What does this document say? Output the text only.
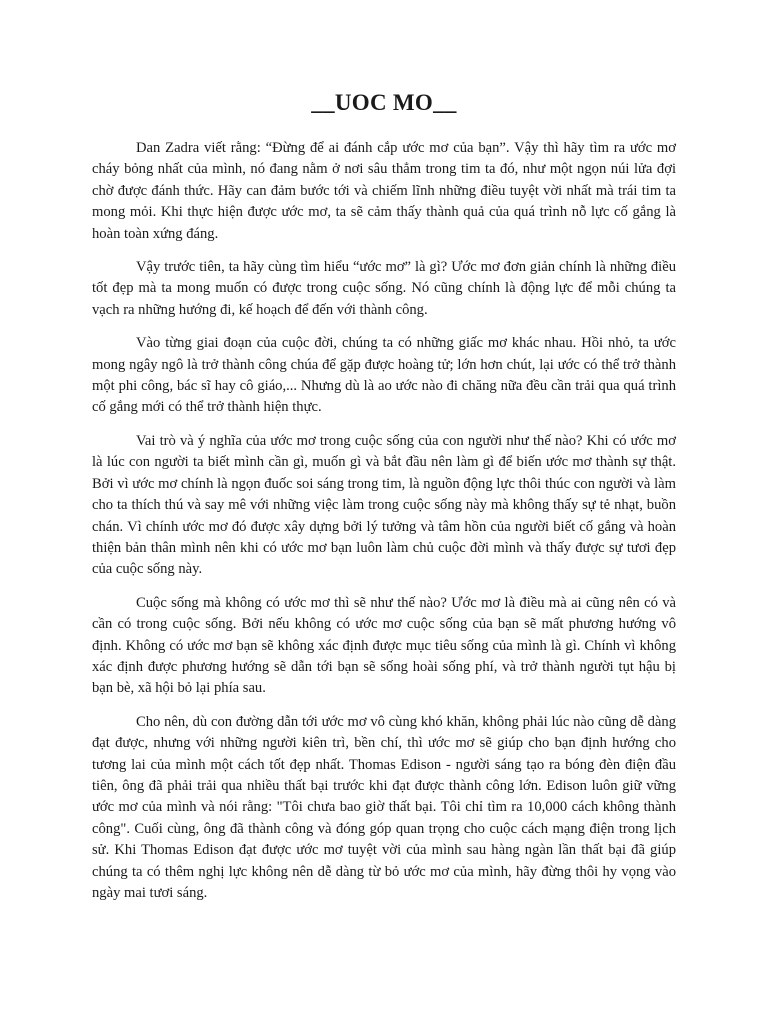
__UOC MO__

Dan Zadra viết rằng: “Đừng để ai đánh cắp ước mơ của bạn”. Vậy thì hãy tìm ra ước mơ cháy bỏng nhất của mình, nó đang nằm ở nơi sâu thẳm trong tim ta đó, như một ngọn núi lửa đợi chờ được đánh thức. Hãy can đảm bước tới và chiếm lĩnh những điều tuyệt vời nhất mà trái tim ta mong mỏi. Khi thực hiện được ước mơ, ta sẽ cảm thấy thành quả của quá trình nỗ lực cố gắng là hoàn toàn xứng đáng.

Vậy trước tiên, ta hãy cùng tìm hiểu “ước mơ” là gì? Ước mơ đơn giản chính là những điều tốt đẹp mà ta mong muốn có được trong cuộc sống. Nó cũng chính là động lực để mỗi chúng ta vạch ra những hướng đi, kế hoạch để đến với thành công.

Vào từng giai đoạn của cuộc đời, chúng ta có những giấc mơ khác nhau. Hồi nhỏ, ta ước mong ngây ngô là trở thành công chúa để gặp được hoàng tử; lớn hơn chút, lại ước có thể trở thành một phi công, bác sĩ hay cô giáo,... Nhưng dù là ao ước nào đi chăng nữa đều cần trải qua quá trình cố gắng mới có thể trở thành hiện thực.

Vai trò và ý nghĩa của ước mơ trong cuộc sống của con người như thế nào? Khi có ước mơ là lúc con người ta biết mình cần gì, muốn gì và bắt đầu nên làm gì để biến ước mơ thành sự thật. Bởi vì ước mơ chính là ngọn đuốc soi sáng trong tim, là nguồn động lực thôi thúc con người và làm cho ta thích thú và say mê với những việc làm trong cuộc sống này mà không thấy sự tẻ nhạt, buồn chán. Vì chính ước mơ đó được xây dựng bởi lý tưởng và tâm hồn của người biết cố gắng và hoàn thiện bản thân mình nên khi có ước mơ bạn luôn làm chủ cuộc đời mình và thấy được sự tươi đẹp của cuộc sống này.

Cuộc sống mà không có ước mơ thì sẽ như thế nào? Ước mơ là điều mà ai cũng nên có và cần có trong cuộc sống. Bởi nếu không có ước mơ cuộc sống của bạn sẽ mất phương hướng vô định. Không có ước mơ bạn sẽ không xác định được mục tiêu sống của mình là gì. Chính vì không xác định được phương hướng sẽ dẫn tới bạn sẽ sống hoài sống phí, và trở thành người tụt hậu bị bạn bè, xã hội bỏ lại phía sau.

Cho nên, dù con đường dẫn tới ước mơ vô cùng khó khăn, không phải lúc nào cũng dễ dàng đạt được, nhưng với những người kiên trì, bền chí, thì ước mơ sẽ giúp cho bạn định hướng cho tương lai của mình một cách tốt đẹp nhất. Thomas Edison - người sáng tạo ra bóng đèn điện đầu tiên, ông đã phải trải qua nhiều thất bại trước khi đạt được thành công lớn. Edison luôn giữ vững ước mơ của mình và nói rằng: "Tôi chưa bao giờ thất bại. Tôi chỉ tìm ra 10,000 cách không thành công". Cuối cùng, ông đã thành công và đóng góp quan trọng cho cuộc cách mạng điện trong lịch sử. Khi Thomas Edison đạt được ước mơ tuyệt vời của mình sau hàng ngàn lần thất bại đã giúp chúng ta có thêm nghị lực không nên dễ dàng từ bỏ ước mơ của mình, hãy đừng thôi hy vọng vào ngày mai tươi sáng.
